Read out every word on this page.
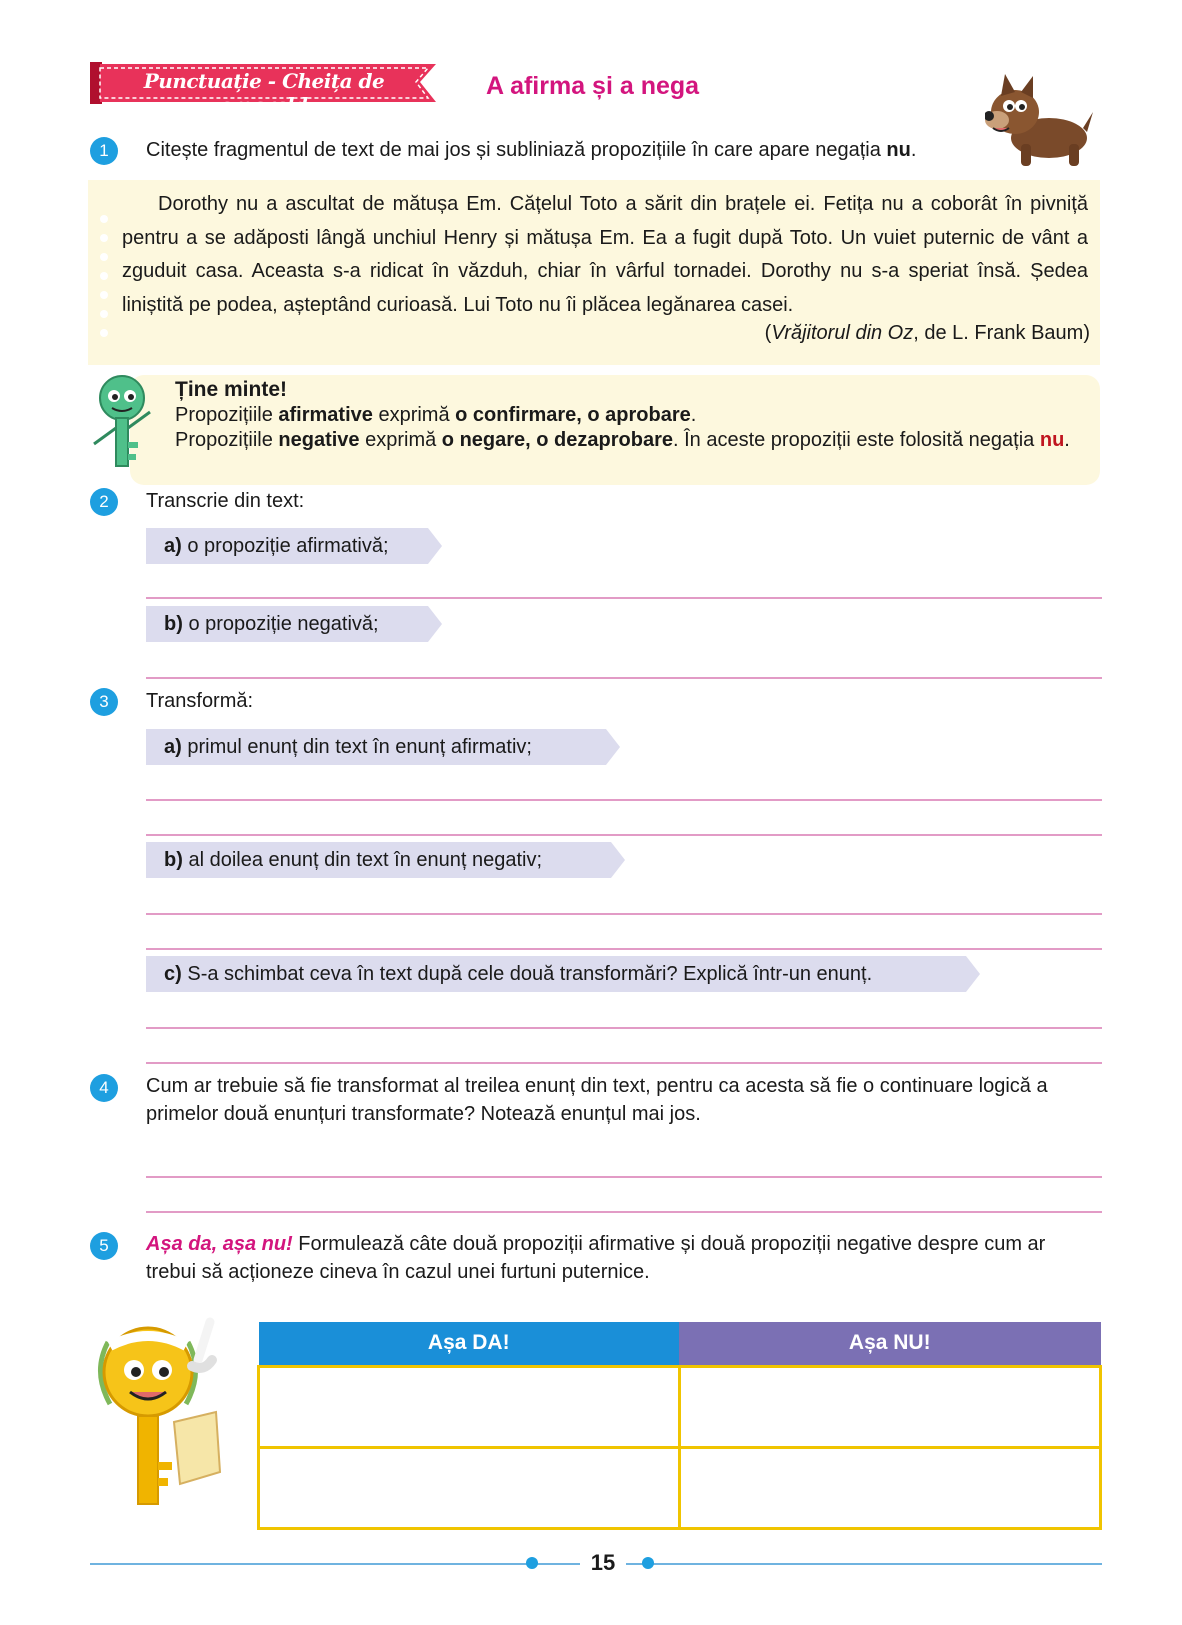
Punctuație - Cheița de smarald
A afirma și a nega
1	Citește fragmentul de text de mai jos și subliniază propozițiile în care apare negația nu.
Dorothy nu a ascultat de mătușa Em. Cățelul Toto a sărit din brațele ei. Fetița nu a coborât în pivniță pentru a se adăposti lângă unchiul Henry și mătușa Em. Ea a fugit după Toto. Un vuiet puternic de vânt a zguduit casa. Aceasta s-a ridicat în văzduh, chiar în vârful tornadei. Dorothy nu s-a speriat însă. Ședea liniștită pe podea, așteptând curioasă. Lui Toto nu îi plăcea legănarea casei.
(Vrăjitorul din Oz, de L. Frank Baum)
Ține minte!
Propozițiile afirmative exprimă o confirmare, o aprobare.
Propozițiile negative exprimă o negare, o dezaprobare. În aceste propoziții este folosită negația nu.
2	Transcrie din text:
a) o propoziție afirmativă;
b) o propoziție negativă;
3	Transformă:
a) primul enunț din text în enunț afirmativ;
b) al doilea enunț din text în enunț negativ;
c) S-a schimbat ceva în text după cele două transformări? Explică într-un enunț.
4	Cum ar trebuie să fie transformat al treilea enunț din text, pentru ca acesta să fie o continuare logică a primelor două enunțuri transformate? Notează enunțul mai jos.
5	Așa da, așa nu! Formulează câte două propoziții afirmative și două propoziții negative despre cum ar trebui să acționeze cineva în cazul unei furtuni puternice.
Așa DA!	Așa NU!

15
